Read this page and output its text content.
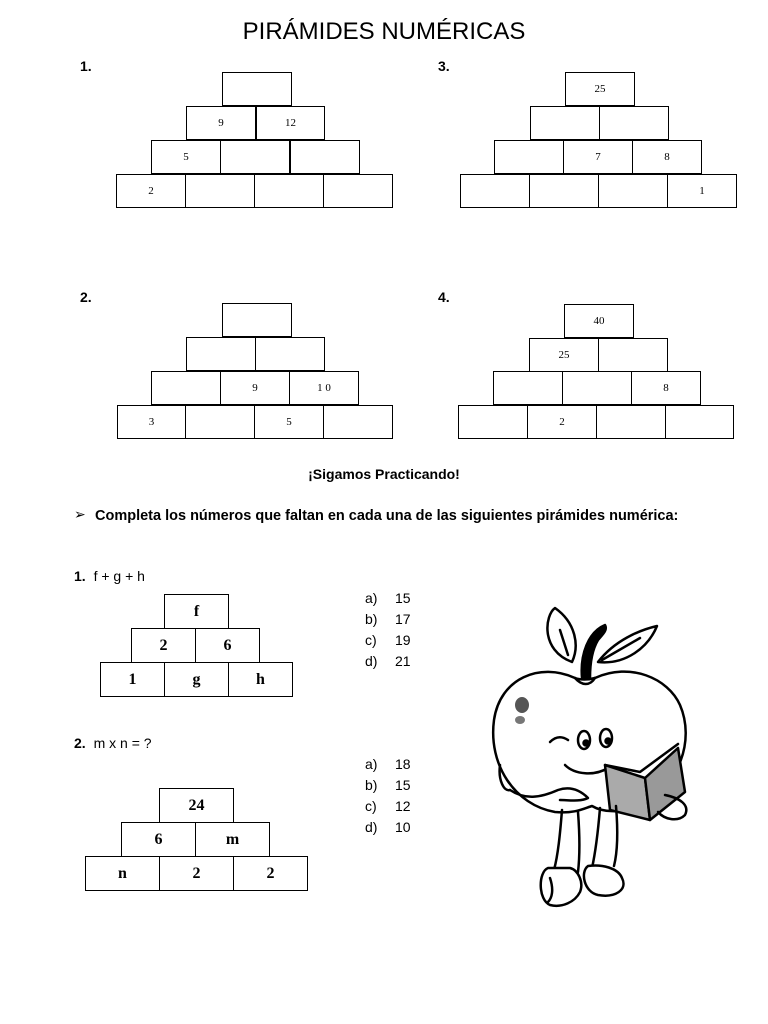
PIRÁMIDES NUMÉRICAS
1.
9	12
5
2
3.
25
7	8
1
2.
9	1 0
3	5
4.
40
25
8
2
¡Sigamos Practicando!
➢ Completa los números que faltan en cada una de las siguientes pirámides numérica:
1. f + g + h
f
2	6
1	g	h
a) 15
b) 17
c) 19
d) 21
2. m x n = ?
24
6	m
n	2	2
a) 18
b) 15
c) 12
d) 10
